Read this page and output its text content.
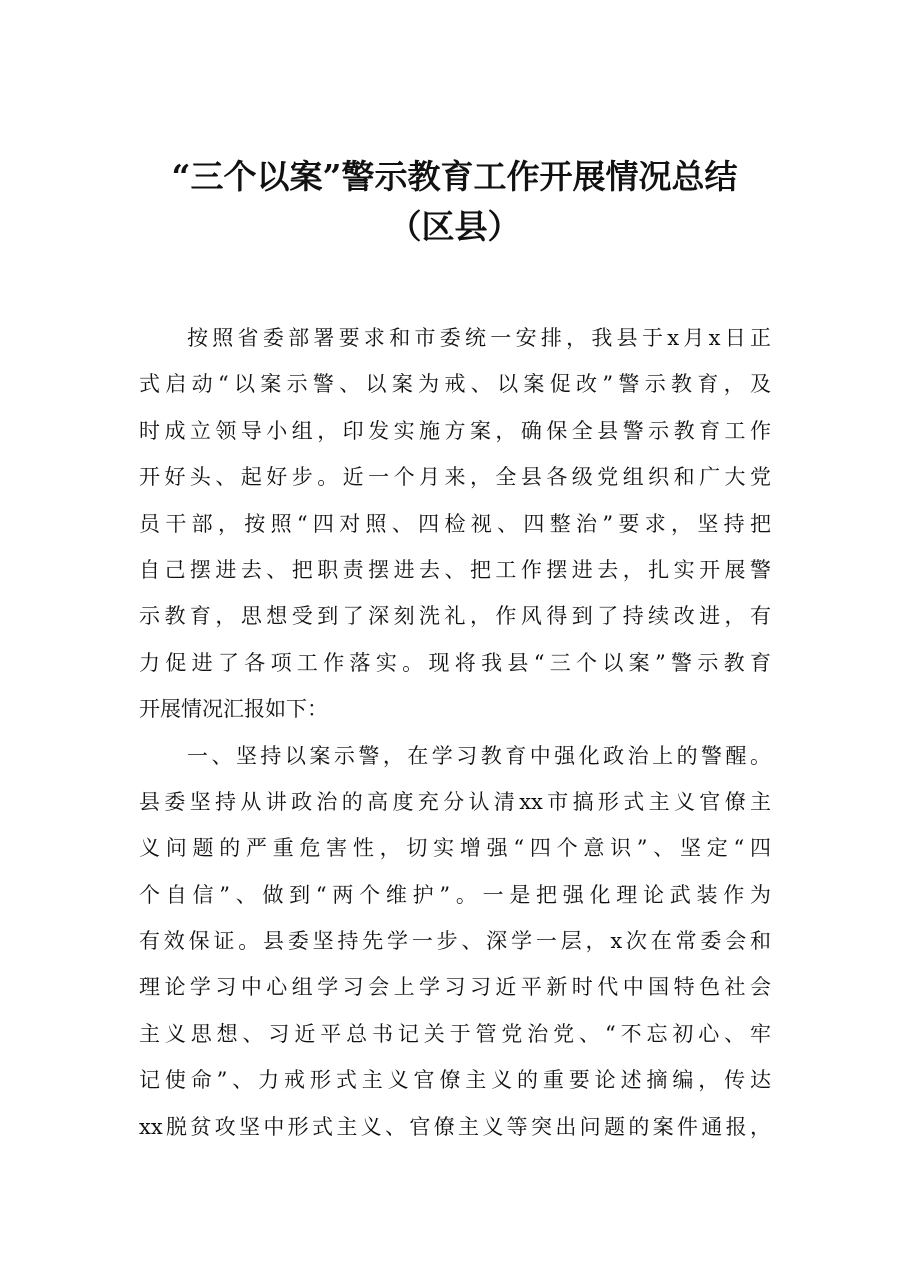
“三个以案”警示教育工作开展情况总结
（区县）
按照省委部署要求和市委统一安排，我县于x月x日正
式启动“以案示警、以案为戒、以案促改”警示教育，及
时成立领导小组，印发实施方案，确保全县警示教育工作
开好头、起好步。近一个月来，全县各级党组织和广大党
员干部，按照“四对照、四检视、四整治”要求，坚持把
自己摆进去、把职责摆进去、把工作摆进去，扎实开展警
示教育，思想受到了深刻洗礼，作风得到了持续改进，有
力促进了各项工作落实。现将我县“三个以案”警示教育
开展情况汇报如下：
一、坚持以案示警，在学习教育中强化政治上的警醒。
县委坚持从讲政治的高度充分认清xx市搞形式主义官僚主
义问题的严重危害性，切实增强“四个意识”、坚定“四
个自信”、做到“两个维护”。一是把强化理论武装作为
有效保证。县委坚持先学一步、深学一层，x次在常委会和
理论学习中心组学习会上学习习近平新时代中国特色社会
主义思想、习近平总书记关于管党治党、“不忘初心、牢
记使命”、力戒形式主义官僚主义的重要论述摘编，传达
xx脱贫攻坚中形式主义、官僚主义等突出问题的案件通报，
